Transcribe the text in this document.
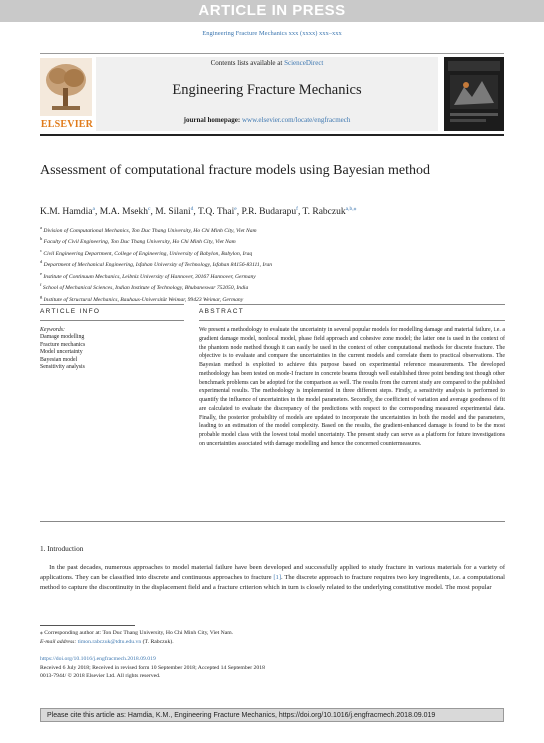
ARTICLE IN PRESS
Engineering Fracture Mechanics xxx (xxxx) xxx–xxx
ELSEVIER
Contents lists available at ScienceDirect
Engineering Fracture Mechanics
journal homepage: www.elsevier.com/locate/engfracmech
Assessment of computational fracture models using Bayesian method
K.M. Hamdia$^a$, M.A. Msekh$^c$, M. Silani$^d$, T.Q. Thai$^e$, P.R. Budarapu$^f$, T. Rabczuk$^{a,b,⁎}$
$^a$ Division of Computational Mechanics, Ton Duc Thang University, Ho Chi Minh City, Viet Nam
$^b$ Faculty of Civil Engineering, Ton Duc Thang University, Ho Chi Minh City, Viet Nam
$^c$ Civil Engineering Department, College of Engineering, University of Babylon, Babylon, Iraq
$^d$ Department of Mechanical Engineering, Isfahan University of Technology, Isfahan 84156-83111, Iran
$^e$ Institute of Continuum Mechanics, Leibniz University of Hannover, 30167 Hannover, Germany
$^f$ School of Mechanical Sciences, Indian Institute of Technology, Bhubaneswar 752050, India
$^g$ Institute of Structural Mechanics, Bauhaus-Universität Weimar, 99423 Weimar, Germany
ARTICLE INFO	ABSTRACT
Keywords:
Damage modelling
Fracture mechanics
Model uncertainty
Bayesian model
Sensitivity analysis
We present a methodology to evaluate the uncertainty in several popular models for modelling damage and material failure, i.e. a gradient damage model, nonlocal model, phase field approach and cohesive zone model; the latter one is used in the context of the phantom node method though it can easily be used in the context of other computational methods for discrete fracture. The objective is to evaluate and compare the uncertainties in the current models and correlate them to practical observations. The Bayesian method is exploited to achieve this purpose based on experimental reference measurements. The developed methodology has been tested on mode-I fracture in concrete beams through well established three point bending test though other benchmark problems can be adopted for the comparison as well. The results from the current study are compared to the published experimental results. The methodology is implemented in three different steps. Firstly, a sensitivity analysis is performed to quantify the influence of uncertainties in the model parameters. Secondly, the coefficient of variation and average goodness of fit are calculated to evaluate the discrepancy of the predictions with respect to the corresponding measured experimental data. Finally, the posterior probability of models are updated to incorporate the uncertainties in both the model and the parameters, leading to an estimation of the model complexity. Based on the results, the gradient-enhanced damage is found to be the most probable model class with the lowest total model uncertainty. The present study can serve as a platform for future investigations on uncertainties associated with damage modelling and hence the concerned countermeasures.
1. Introduction
In the past decades, numerous approaches to model material failure have been developed and successfully applied to study fracture in various materials for a variety of applications. They can be classified into discrete and continuous approaches to fracture [1]. The discrete approach to fracture requires two key ingredients, i.e. a computational method to capture the discontinuity in the displacement field and a fracture criterion which in turn is closely related to the underlying constitutive model. The most popular
⁎ Corresponding author at: Ton Duc Thang University, Ho Chi Minh City, Viet Nam.
E-mail address: timon.rabczuk@tdtu.edu.vn (T. Rabczuk).
https://doi.org/10.1016/j.engfracmech.2018.09.019
Received 6 July 2018; Received in revised form 10 September 2018; Accepted 14 September 2018
0013-7944/ © 2018 Elsevier Ltd. All rights reserved.
Please cite this article as: Hamdia, K.M., Engineering Fracture Mechanics, https://doi.org/10.1016/j.engfracmech.2018.09.019
